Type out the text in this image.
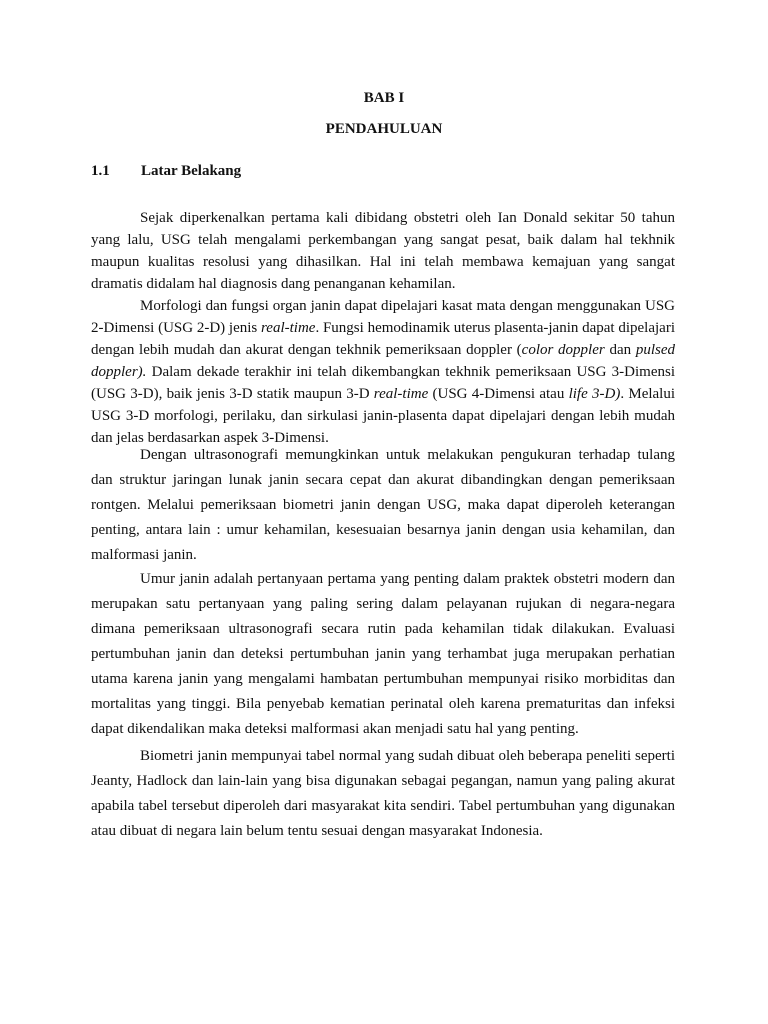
BAB I
PENDAHULUAN
1.1 Latar Belakang

Sejak diperkenalkan pertama kali dibidang obstetri oleh Ian Donald sekitar 50 tahun yang lalu, USG telah mengalami perkembangan yang sangat pesat, baik dalam hal tekhnik maupun kualitas resolusi yang dihasilkan. Hal ini telah membawa kemajuan yang sangat dramatis didalam hal diagnosis dang penanganan kehamilan.

Morfologi dan fungsi organ janin dapat dipelajari kasat mata dengan menggunakan USG 2-Dimensi (USG 2-D) jenis real-time. Fungsi hemodinamik uterus plasenta-janin dapat dipelajari dengan lebih mudah dan akurat dengan tekhnik pemeriksaan doppler (color doppler dan pulsed doppler). Dalam dekade terakhir ini telah dikembangkan tekhnik pemeriksaan USG 3-Dimensi (USG 3-D), baik jenis 3-D statik maupun 3-D real-time (USG 4-Dimensi atau life 3-D). Melalui USG 3-D morfologi, perilaku, dan sirkulasi janin-plasenta dapat dipelajari dengan lebih mudah dan jelas berdasarkan aspek 3-Dimensi.

Dengan ultrasonografi memungkinkan untuk melakukan pengukuran terhadap tulang dan struktur jaringan lunak janin secara cepat dan akurat dibandingkan dengan pemeriksaan rontgen. Melalui pemeriksaan biometri janin dengan USG, maka dapat diperoleh keterangan penting, antara lain : umur kehamilan, kesesuaian besarnya janin dengan usia kehamilan, dan malformasi janin.

Umur janin adalah pertanyaan pertama yang penting dalam praktek obstetri modern dan merupakan satu pertanyaan yang paling sering dalam pelayanan rujukan di negara-negara dimana pemeriksaan ultrasonografi secara rutin pada kehamilan tidak dilakukan. Evaluasi pertumbuhan janin dan deteksi pertumbuhan janin yang terhambat juga merupakan perhatian utama karena janin yang mengalami hambatan pertumbuhan mempunyai risiko morbiditas dan mortalitas yang tinggi. Bila penyebab kematian perinatal oleh karena prematuritas dan infeksi dapat dikendalikan maka deteksi malformasi akan menjadi satu hal yang penting.

Biometri janin mempunyai tabel normal yang sudah dibuat oleh beberapa peneliti seperti Jeanty, Hadlock dan lain-lain yang bisa digunakan sebagai pegangan, namun yang paling akurat apabila tabel tersebut diperoleh dari masyarakat kita sendiri. Tabel pertumbuhan yang digunakan atau dibuat di negara lain belum tentu sesuai dengan masyarakat Indonesia.
